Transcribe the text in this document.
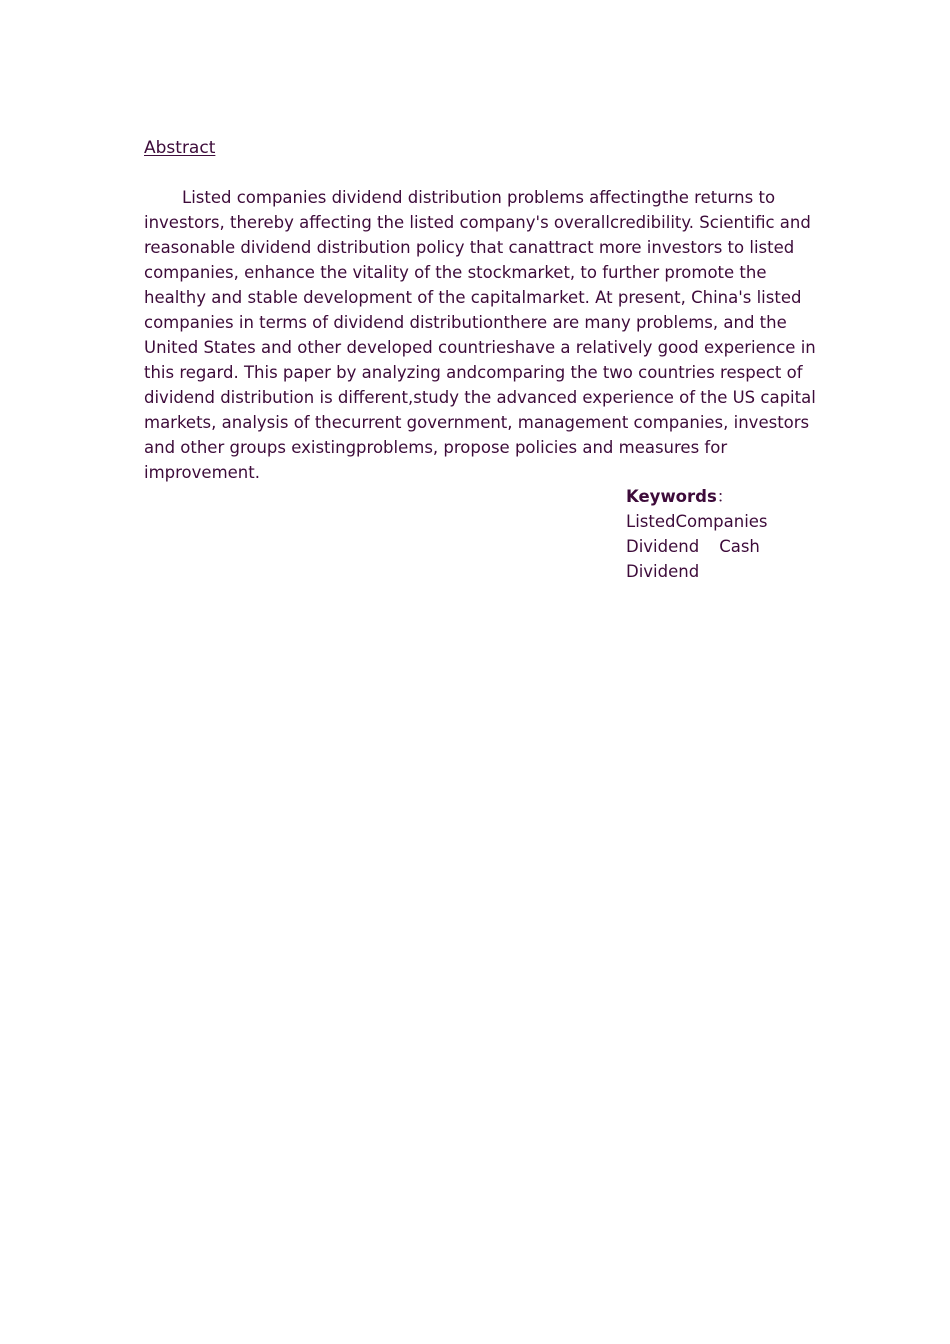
Abstract
Listed companies dividend distribution problems affectingthe returns to
investors, thereby affecting the listed company's overallcredibility. Scientific and
reasonable dividend distribution policy that canattract more investors to listed
companies, enhance the vitality of the stockmarket, to further promote the
healthy and stable development of the capitalmarket. At present, China's listed
companies in terms of dividend distributionthere are many problems, and the
United States and other developed countrieshave a relatively good experience in
this regard. This paper by analyzing andcomparing the two countries respect of
dividend distribution is different,study the advanced experience of the US capital
markets, analysis of thecurrent government, management companies, investors
and other groups existingproblems, propose policies and measures for
improvement.
Keywords：
ListedCompanies
Dividend Cash
Dividend
